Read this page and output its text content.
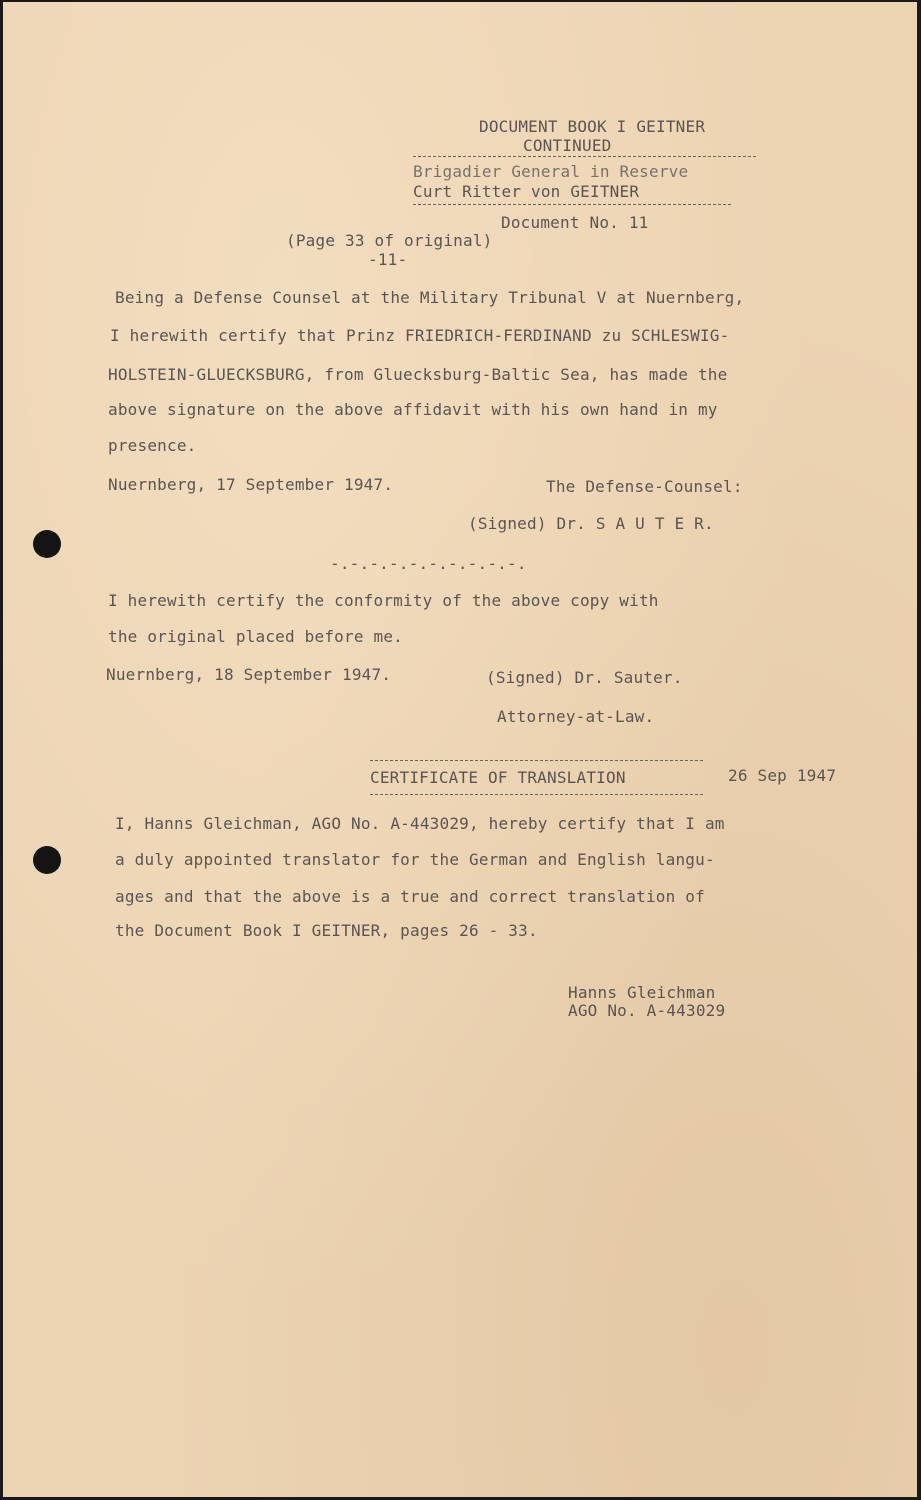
DOCUMENT BOOK I GEITNER
CONTINUED
Brigadier General in Reserve
Curt Ritter von GEITNER
Document No. 11
(Page 33 of original)
-11-
Being a Defense Counsel at the Military Tribunal V at Nuernberg,
I herewith certify that Prinz FRIEDRICH-FERDINAND zu SCHLESWIG-
HOLSTEIN-GLUECKSBURG, from Gluecksburg-Baltic Sea, has made the
above signature on the above affidavit with his own hand in my
presence.
Nuernberg, 17 September 1947.	The Defense-Counsel:
(Signed) Dr. S A U T E R.
-.-.-.-.-.-.-.-.-.-.
I herewith certify the conformity of the above copy with
the original placed before me.
Nuernberg, 18 September 1947.	(Signed) Dr. Sauter.
Attorney-at-Law.
CERTIFICATE OF TRANSLATION	26 Sep 1947
I, Hanns Gleichman, AGO No. A-443029, hereby certify that I am
a duly appointed translator for the German and English langu-
ages and that the above is a true and correct translation of
the Document Book I GEITNER, pages 26 - 33.
Hanns Gleichman
AGO No. A-443029
